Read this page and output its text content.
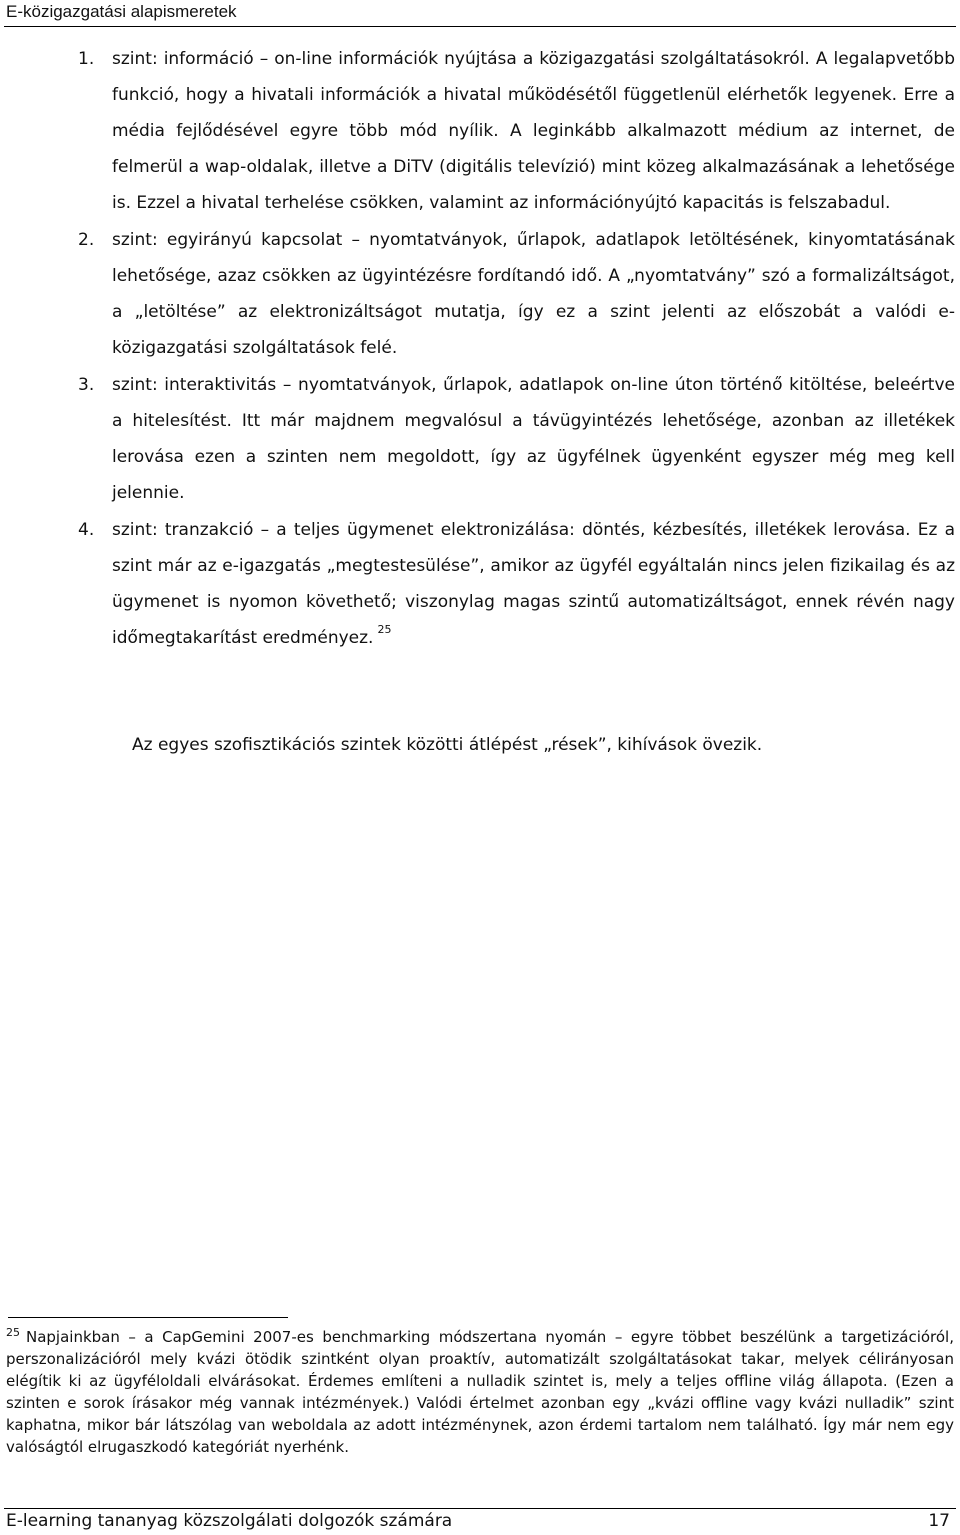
E-közigazgatási alapismeretek
1. szint: információ – on-line információk nyújtása a közigazgatási szolgáltatásokról. A legalapvetőbb funkció, hogy a hivatali információk a hivatal működésétől függetlenül elérhetők legyenek. Erre a média fejlődésével egyre több mód nyílik. A leginkább alkalmazott médium az internet, de felmerül a wap-oldalak, illetve a DiTV (digitális televízió) mint közeg alkalmazásának a lehetősége is. Ezzel a hivatal terhelése csökken, valamint az információnyújtó kapacitás is felszabadul.
2. szint: egyirányú kapcsolat – nyomtatványok, űrlapok, adatlapok letöltésének, kinyomtatásának lehetősége, azaz csökken az ügyintézésre fordítandó idő. A „nyomtatvány” szó a formalizáltságot, a „letöltése” az elektronizáltságot mutatja, így ez a szint jelenti az előszobát a valódi e-közigazgatási szolgáltatások felé.
3. szint: interaktivitás – nyomtatványok, űrlapok, adatlapok on-line úton történő kitöltése, beleértve a hitelesítést. Itt már majdnem megvalósul a távügyintézés lehetősége, azonban az illetékek lerovása ezen a szinten nem megoldott, így az ügyfélnek ügyenként egyszer még meg kell jelennie.
4. szint: tranzakció – a teljes ügymenet elektronizálása: döntés, kézbesítés, illetékek lerovása. Ez a szint már az e-igazgatás „megtestesülése”, amikor az ügyfél egyáltalán nincs jelen fizikailag és az ügymenet is nyomon követhető; viszonylag magas szintű automatizáltságot, ennek révén nagy időmegtakarítást eredményez. $^{25}$
Az egyes szofisztikációs szintek közötti átlépést „rések”, kihívások övezik.
$^{25}$ Napjainkban – a CapGemini 2007-es benchmarking módszertana nyomán – egyre többet beszélünk a targetizációról, perszonalizációról mely kvázi ötödik szintként olyan proaktív, automatizált szolgáltatásokat takar, melyek célirányosan elégítik ki az ügyféloldali elvárásokat. Érdemes említeni a nulladik szintet is, mely a teljes offline világ állapota. (Ezen a szinten e sorok írásakor még vannak intézmények.) Valódi értelmet azonban egy „kvázi offline vagy kvázi nulladik” szint kaphatna, mikor bár látszólag van weboldala az adott intézménynek, azon érdemi tartalom nem található. Így már nem egy valóságtól elrugaszkodó kategóriát nyerhénk.
E-learning tananyag közszolgálati dolgozók számára	17
